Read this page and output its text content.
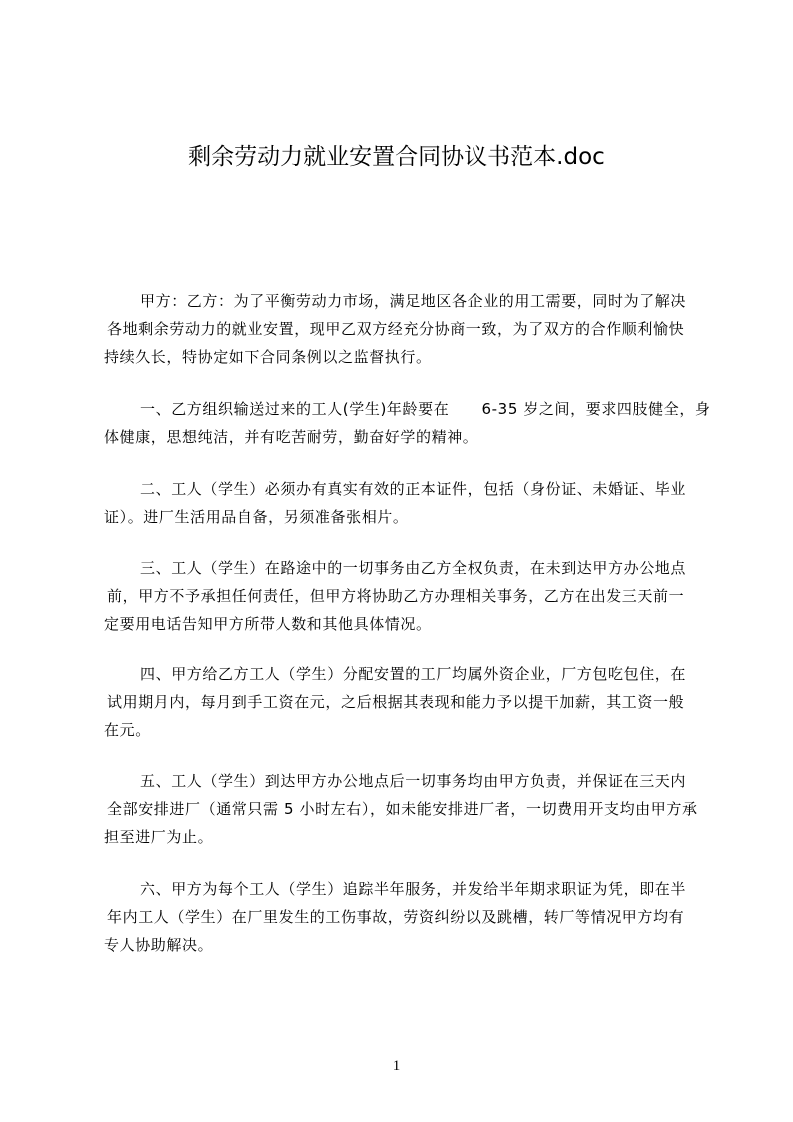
剩余劳动力就业安置合同协议书范本.doc
甲方：乙方：为了平衡劳动力市场，满足地区各企业的用工需要，同时为了解决
各地剩余劳动力的就业安置，现甲乙双方经充分协商一致，为了双方的合作顺利愉快
持续久长，特协定如下合同条例以之监督执行。
一、乙方组织输送过来的工人(学生)年龄要在      6-35 岁之间，要求四肢健全，身
体健康，思想纯洁，并有吃苦耐劳，勤奋好学的精神。
二、工人（学生）必须办有真实有效的正本证件，包括（身份证、未婚证、毕业
证）。进厂生活用品自备，另须准备张相片。
三、工人（学生）在路途中的一切事务由乙方全权负责，在未到达甲方办公地点
前，甲方不予承担任何责任，但甲方将协助乙方办理相关事务，乙方在出发三天前一
定要用电话告知甲方所带人数和其他具体情况。
四、甲方给乙方工人（学生）分配安置的工厂均属外资企业，厂方包吃包住，在
试用期月内，每月到手工资在元，之后根据其表现和能力予以提干加薪，其工资一般
在元。
五、工人（学生）到达甲方办公地点后一切事务均由甲方负责，并保证在三天内
全部安排进厂（通常只需 5 小时左右），如未能安排进厂者，一切费用开支均由甲方承
担至进厂为止。
六、甲方为每个工人（学生）追踪半年服务，并发给半年期求职证为凭，即在半
年内工人（学生）在厂里发生的工伤事故，劳资纠纷以及跳槽，转厂等情况甲方均有
专人协助解决。
1
